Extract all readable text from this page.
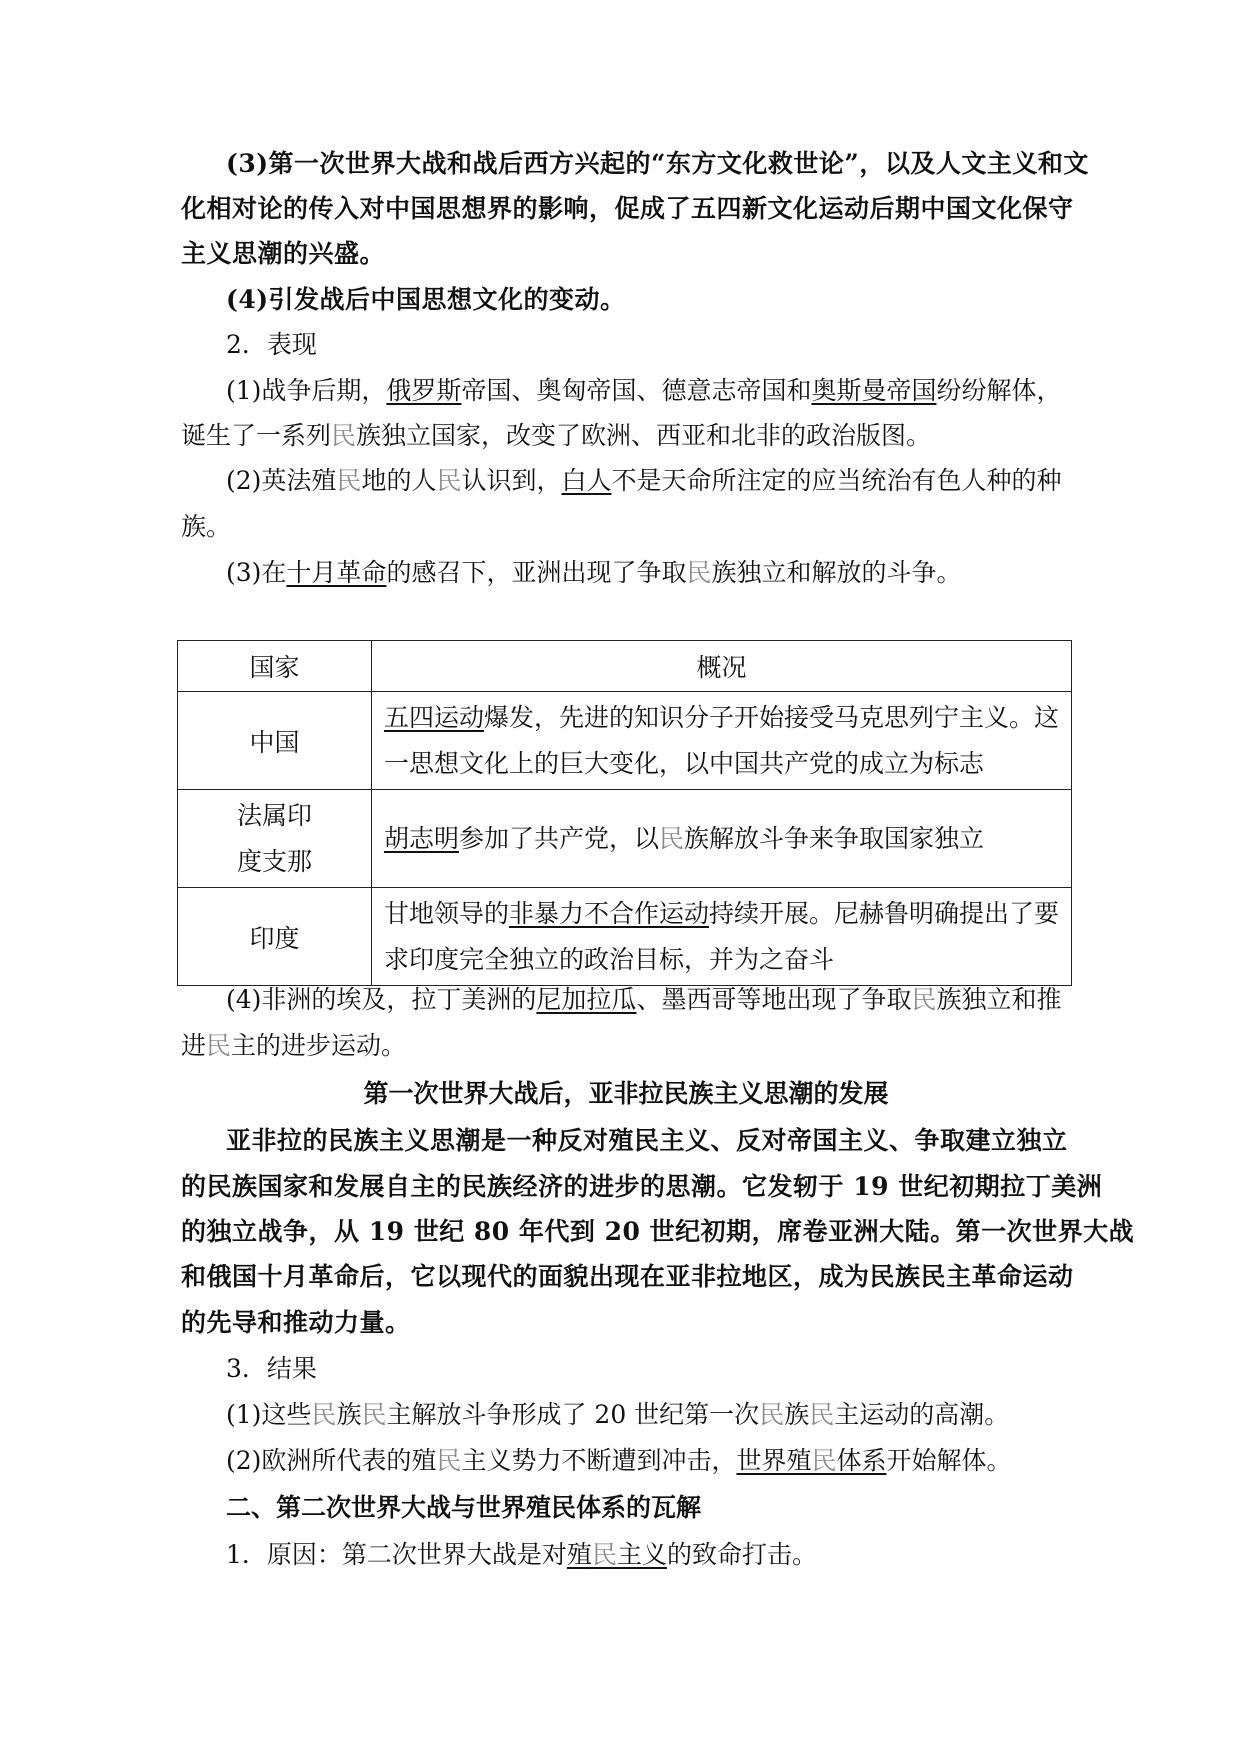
(3)第一次世界大战和战后西方兴起的“东方文化救世论”，以及人文主义和文
化相对论的传入对中国思想界的影响，促成了五四新文化运动后期中国文化保守
主义思潮的兴盛。
(4)引发战后中国思想文化的变动。
2．表现
(1)战争后期，俄罗斯帝国、奥匈帝国、德意志帝国和奥斯曼帝国纷纷解体，
诞生了一系列民族独立国家，改变了欧洲、西亚和北非的政治版图。
(2)英法殖民地的人民认识到，白人不是天命所注定的应当统治有色人种的种
族。
(3)在十月革命的感召下，亚洲出现了争取民族独立和解放的斗争。
国家	概况
中国	五四运动爆发，先进的知识分子开始接受马克思列宁主义。这
一思想文化上的巨大变化，以中国共产党的成立为标志

法属印
度支那	胡志明参加了共产党，以民族解放斗争来争取国家独立

印度	甘地领导的非暴力不合作运动持续开展。尼赫鲁明确提出了要
求印度完全独立的政治目标，并为之奋斗
(4)非洲的埃及，拉丁美洲的尼加拉瓜、墨西哥等地出现了争取民族独立和推
进民主的进步运动。
第一次世界大战后，亚非拉民族主义思潮的发展
亚非拉的民族主义思潮是一种反对殖民主义、反对帝国主义、争取建立独立
的民族国家和发展自主的民族经济的进步的思潮。它发轫于 19 世纪初期拉丁美洲
的独立战争，从 19 世纪 80 年代到 20 世纪初期，席卷亚洲大陆。第一次世界大战
和俄国十月革命后，它以现代的面貌出现在亚非拉地区，成为民族民主革命运动
的先导和推动力量。
3．结果
(1)这些民族民主解放斗争形成了 20 世纪第一次民族民主运动的高潮。
(2)欧洲所代表的殖民主义势力不断遭到冲击，世界殖民体系开始解体。
二、第二次世界大战与世界殖民体系的瓦解
1．原因：第二次世界大战是对殖民主义的致命打击。
